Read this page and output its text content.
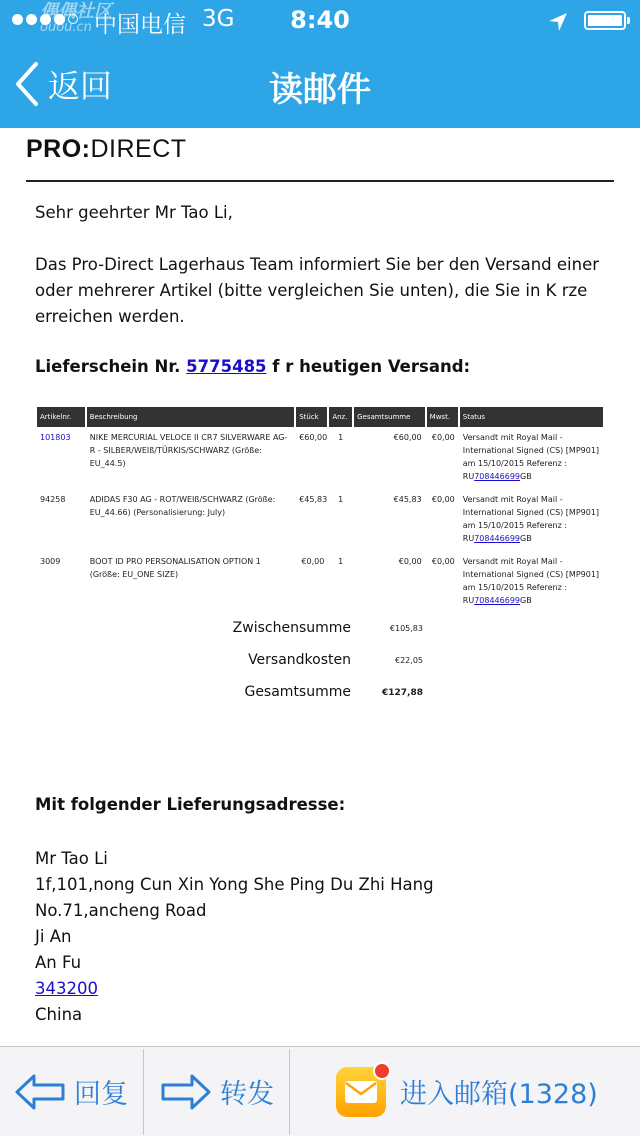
偶偶社区
ouou.cn 中国电信 3G	8:40
返回	读邮件
PRO:DIRECT
Sehr geehrter Mr Tao Li,
Das Pro-Direct Lagerhaus Team informiert Sie ber den Versand einer oder mehrerer Artikel (bitte vergleichen Sie unten), die Sie in K rze erreichen werden.
Lieferschein Nr. 5775485 f r heutigen Versand:
Artikelnr.	Beschreibung	Stück	Anz.	Gesamtsumme	Mwst.	Status
101803	NIKE MERCURIAL VELOCE II CR7 SILVERWARE AG-R - SILBER/WEIß/TÜRKIS/SCHWARZ (Größe: EU_44.5)	€60,00	1	€60,00	€0,00	Versandt mit Royal Mail - International Signed (CS) [MP901] am 15/10/2015 Referenz : RU708446699GB
94258	ADIDAS F30 AG - ROT/WEIß/SCHWARZ (Größe: EU_44.66) (Personalisierung: July)	€45,83	1	€45,83	€0,00	Versandt mit Royal Mail - International Signed (CS) [MP901] am 15/10/2015 Referenz : RU708446699GB
3009	BOOT ID PRO PERSONALISATION OPTION 1 (Größe: EU_ONE SIZE)	€0,00	1	€0,00	€0,00	Versandt mit Royal Mail - International Signed (CS) [MP901] am 15/10/2015 Referenz : RU708446699GB
Zwischensumme	€105,83
Versandkosten	€22,05
Gesamtsumme	€127,88
Mit folgender Lieferungsadresse:
Mr Tao Li
1f,101,nong Cun Xin Yong She Ping Du Zhi Hang
No.71,ancheng Road
Ji An
An Fu
343200
China
回复	转发	进入邮箱(1328)
